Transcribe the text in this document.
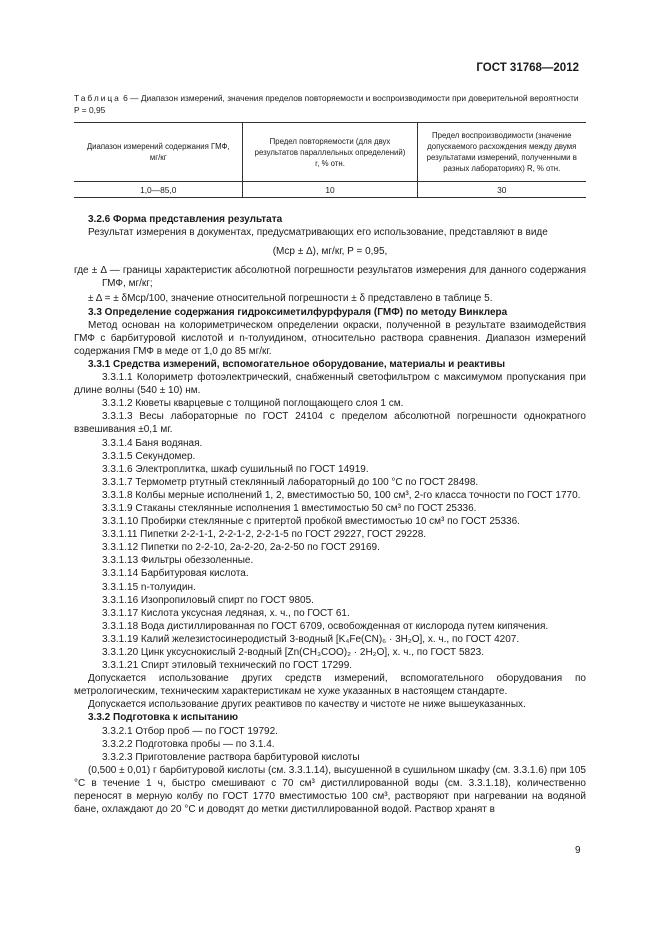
ГОСТ 31768—2012
Таблица 6 — Диапазон измерений, значения пределов повторяемости и воспроизводимости при доверительной вероятности P = 0,95
Диапазон измерений содержания ГМФ, мг/кг	Предел повторяемости (для двух результатов параллельных определений) r, % отн.	Предел воспроизводимости (значение допускаемого расхождения между двумя результатами измерений, полученными в разных лабораториях) R, % отн.
1,0—85,0	10	30

3.2.6 Форма представления результата

Результат измерения в документах, предусматривающих его использование, представляют в виде

(Mср ± Δ), мг/кг, P = 0,95,

где ± Δ — границы характеристик абсолютной погрешности результатов измерения для данного содержания ГМФ, мг/кг;

± Δ = ± δMср/100, значение относительной погрешности ± δ представлено в таблице 5.

3.3 Определение содержания гидроксиметилфурфураля (ГМФ) по методу Винклера

Метод основан на колориметрическом определении окраски, полученной в результате взаимодействия ГМФ с барбитуровой кислотой и n-толуидином, относительно раствора сравнения. Диапазон измерений содержания ГМФ в меде от 1,0 до 85 мг/кг.

3.3.1 Средства измерений, вспомогательное оборудование, материалы и реактивы

3.3.1.1 Колориметр фотоэлектрический, снабженный светофильтром с максимумом пропускания при длине волны (540 ± 10) нм.

3.3.1.2 Кюветы кварцевые с толщиной поглощающего слоя 1 см.

3.3.1.3 Весы лабораторные по ГОСТ 24104 с пределом абсолютной погрешности однократного взвешивания ±0,1 мг.

3.3.1.4 Баня водяная.

3.3.1.5 Секундомер.

3.3.1.6 Электроплитка, шкаф сушильный по ГОСТ 14919.

3.3.1.7 Термометр ртутный стеклянный лабораторный до 100 °С по ГОСТ 28498.

3.3.1.8 Колбы мерные исполнений 1, 2, вместимостью 50, 100 см³, 2-го класса точности по ГОСТ 1770.

3.3.1.9 Стаканы стеклянные исполнения 1 вместимостью 50 см³ по ГОСТ 25336.

3.3.1.10 Пробирки стеклянные с притертой пробкой вместимостью 10 см³ по ГОСТ 25336.

3.3.1.11 Пипетки 2-2-1-1, 2-2-1-2, 2-2-1-5 по ГОСТ 29227, ГОСТ 29228.

3.3.1.12 Пипетки по 2-2-10, 2а-2-20, 2а-2-50 по ГОСТ 29169.

3.3.1.13 Фильтры обеззоленные.

3.3.1.14 Барбитуровая кислота.

3.3.1.15 n-толуидин.

3.3.1.16 Изопропиловый спирт по ГОСТ 9805.

3.3.1.17 Кислота уксусная ледяная, х. ч., по ГОСТ 61.

3.3.1.18 Вода дистиллированная по ГОСТ 6709, освобожденная от кислорода путем кипячения.

3.3.1.19 Калий железистосинеродистый 3-водный [K₄Fe(CN)₆ · 3H₂O], х. ч., по ГОСТ 4207.

3.3.1.20 Цинк уксуснокислый 2-водный [Zn(CH₃COO)₂ · 2H₂O], х. ч., по ГОСТ 5823.

3.3.1.21 Спирт этиловый технический по ГОСТ 17299.

Допускается использование других средств измерений, вспомогательного оборудования по метрологическим, техническим характеристикам не хуже указанных в настоящем стандарте.

Допускается использование других реактивов по качеству и чистоте не ниже вышеуказанных.

3.3.2 Подготовка к испытанию

3.3.2.1 Отбор проб — по ГОСТ 19792.

3.3.2.2 Подготовка пробы — по 3.1.4.

3.3.2.3 Приготовление раствора барбитуровой кислоты

(0,500 ± 0,01) г барбитуровой кислоты (см. 3.3.1.14), высушенной в сушильном шкафу (см. 3.3.1.6) при 105 °С в течение 1 ч, быстро смешивают с 70 см³ дистиллированной воды (см. 3.3.1.18), количественно переносят в мерную колбу по ГОСТ 1770 вместимостью 100 см³, растворяют при нагревании на водяной бане, охлаждают до 20 °С и доводят до метки дистиллированной водой. Раствор хранят в

9
